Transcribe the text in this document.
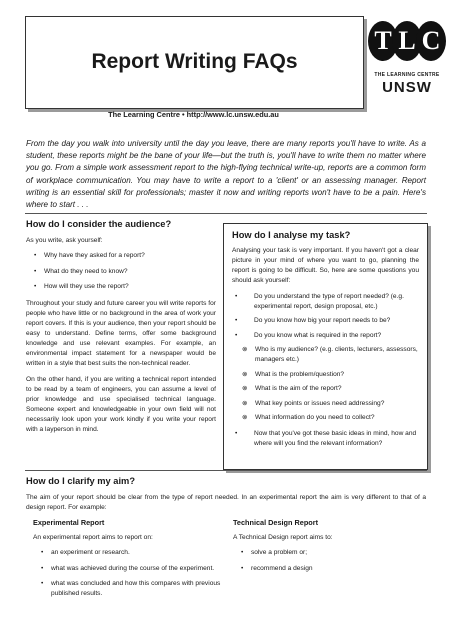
Report Writing FAQs
The Learning Centre • http://www.lc.unsw.edu.au
T L C
THE LEARNING CENTRE
UNSW

From the day you walk into university until the day you leave, there are many reports you'll have to write. As a student, these reports might be the bane of your life—but the truth is, you'll have to write them no matter where you go. From a simple work assessment report to the high-flying technical write-up, reports are a common form of workplace communication. You may have to write a report to a 'client' or an assessing manager. Report writing is an essential skill for professionals; master it now and writing reports won't have to be a pain. Here's where to start . . .

How do I consider the audience?

As you write, ask yourself:

• Why have they asked for a report?
• What do they need to know?
• How will they use the report?

Throughout your study and future career you will write reports for people who have little or no background in the area of work your report covers. If this is your audience, then your report should be easy to understand. Define terms, offer some background knowledge and use relevant examples. For example, an environmental impact statement for a newspaper would be written in a style that best suits the non-technical reader.

On the other hand, if you are writing a technical report intended to be read by a team of engineers, you can assume a level of prior knowledge and use specialised technical language. Someone expert and knowledgeable in your own field will not necessarily look upon your work kindly if you write your report with a layperson in mind.

How do I analyse my task?

Analysing your task is very important. If you haven't got a clear picture in your mind of where you want to go, planning the report is going to be difficult. So, here are some questions you should ask yourself:

• Do you understand the type of report needed? (e.g. experimental report, design proposal, etc.)
• Do you know how big your report needs to be?
• Do you know what is required in the report?
⊗ Who is my audience? (e.g. clients, lecturers, assessors, managers etc.)
⊗ What is the problem/question?
⊗ What is the aim of the report?
⊗ What key points or issues need addressing?
⊗ What information do you need to collect?
• Now that you've got these basic ideas in mind, how and where will you find the relevant information?
How do I clarify my aim?

The aim of your report should be clear from the type of report needed. In an experimental report the aim is very different to that of a design report. For example:

Experimental Report

An experimental report aims to report on:

• an experiment or research.
• what was achieved during the course of the experiment.
• what was concluded and how this compares with previous published results.
Technical Design Report

A Technical Design report aims to:

• solve a problem or;
• recommend a design
